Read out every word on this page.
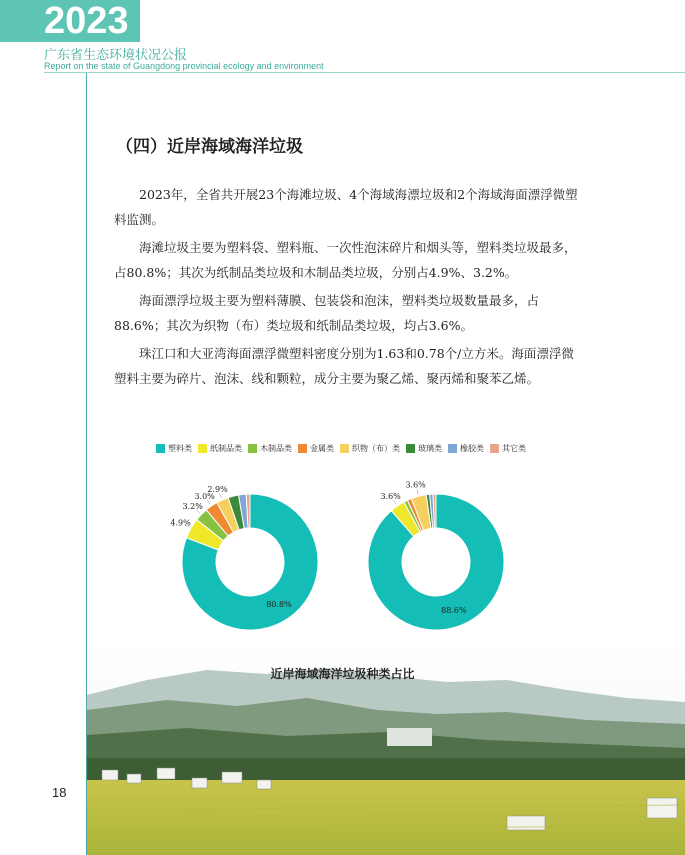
2023
广东省生态环境状况公报
Report on the state of Guangdong provincial ecology and environment
（四）近岸海域海洋垃圾

2023年，全省共开展23个海滩垃圾、4个海域海漂垃圾和2个海域海面漂浮微塑料监测。

海滩垃圾主要为塑料袋、塑料瓶、一次性泡沫碎片和烟头等，塑料类垃圾最多，占80.8%；其次为纸制品类垃圾和木制品类垃圾，分别占4.9%、3.2%。

海面漂浮垃圾主要为塑料薄膜、包装袋和泡沫，塑料类垃圾数量最多，占88.6%；其次为织物（布）类垃圾和纸制品类垃圾，均占3.6%。

珠江口和大亚湾海面漂浮微塑料密度分别为1.63和0.78个/立方米。海面漂浮微塑料主要为碎片、泡沫、线和颗粒，成分主要为聚乙烯、聚丙烯和聚苯乙烯。

塑料类 纸制品类 木制品类 金属类 织物（布）类 玻璃类 橡胶类 其它类
80.8%
4.9%
3.2%
3.0%
2.9%
88.6%
3.6%
3.6%
近岸海域海洋垃圾种类占比
18
